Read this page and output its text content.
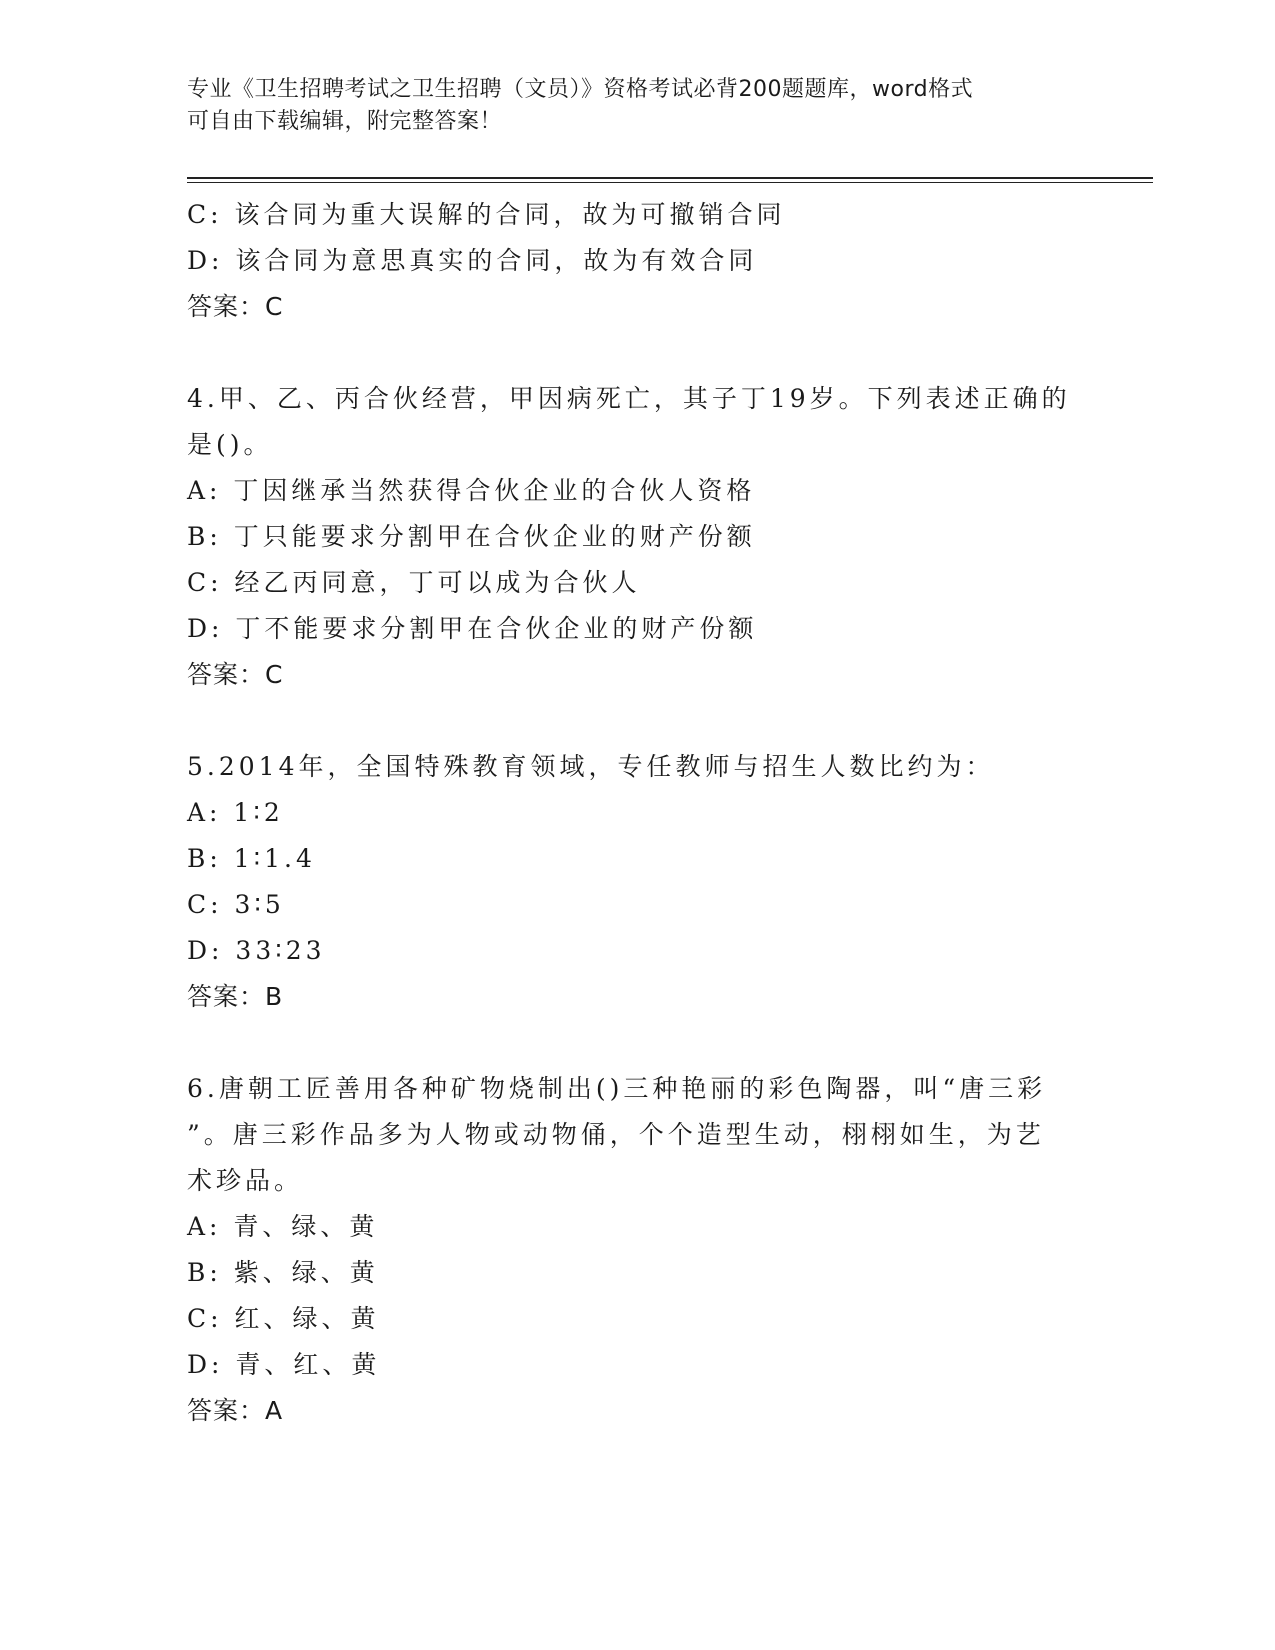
专业《卫生招聘考试之卫生招聘（文员）》资格考试必背200题题库，word格式
可自由下载编辑，附完整答案！
C: 该合同为重大误解的合同，故为可撤销合同
D: 该合同为意思真实的合同，故为有效合同
答案：C
4.甲、乙、丙合伙经营，甲因病死亡，其子丁19岁。下列表述正确的
是()。
A: 丁因继承当然获得合伙企业的合伙人资格
B: 丁只能要求分割甲在合伙企业的财产份额
C: 经乙丙同意，丁可以成为合伙人
D: 丁不能要求分割甲在合伙企业的财产份额
答案：C
5.2014年，全国特殊教育领域，专任教师与招生人数比约为：
A: 1∶2
B: 1∶1.4
C: 3∶5
D: 33∶23
答案：B
6.唐朝工匠善用各种矿物烧制出()三种艳丽的彩色陶器，叫“唐三彩
”。唐三彩作品多为人物或动物俑，个个造型生动，栩栩如生，为艺
术珍品。
A: 青、绿、黄
B: 紫、绿、黄
C: 红、绿、黄
D: 青、红、黄
答案：A
